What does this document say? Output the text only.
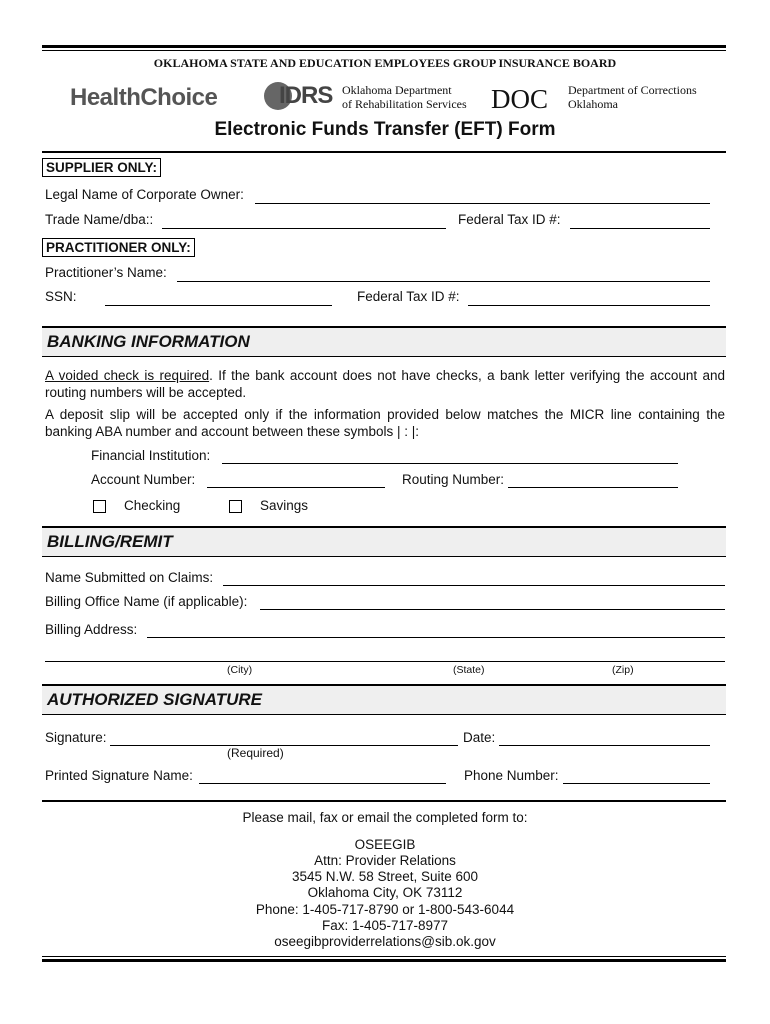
OKLAHOMA STATE AND EDUCATION EMPLOYEES GROUP INSURANCE BOARD
HealthChoice	IDRS Oklahoma Department
of Rehabilitation Services DOC Department of Corrections
Oklahoma
Electronic Funds Transfer (EFT) Form
SUPPLIER ONLY:
Legal Name of Corporate Owner:
Trade Name/dba::	Federal Tax ID #:
PRACTITIONER ONLY:
Practitioner’s Name:
SSN:	Federal Tax ID #:
BANKING INFORMATION
A voided check is required. If the bank account does not have checks, a bank letter verifying the account and routing numbers will be accepted.
A deposit slip will be accepted only if the information provided below matches the MICR line containing the banking ABA number and account between these symbols | : |:
Financial Institution:
Account Number:	Routing Number:
Checking	Savings
BILLING/REMIT
Name Submitted on Claims:
Billing Office Name (if applicable):
Billing Address:
(City)	(State)	(Zip)
AUTHORIZED SIGNATURE
Signature:	Date:
(Required)
Printed Signature Name:	Phone Number:
Please mail, fax or email the completed form to:
OSEEGIB
Attn: Provider Relations
3545 N.W. 58 Street, Suite 600
Oklahoma City, OK 73112
Phone: 1-405-717-8790 or 1-800-543-6044
Fax: 1-405-717-8977
oseegibproviderrelations@sib.ok.gov
